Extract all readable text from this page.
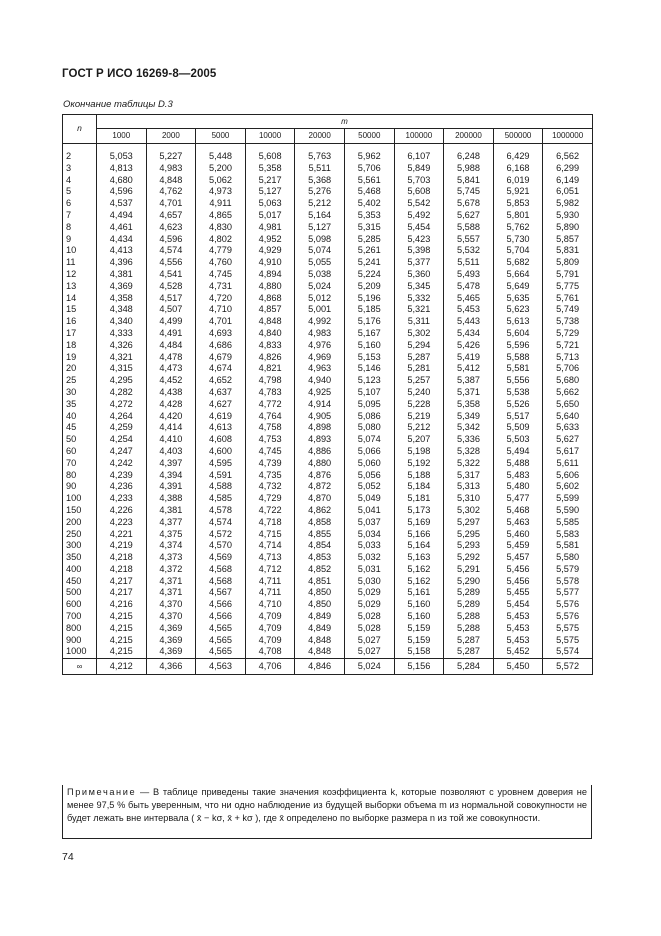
ГОСТ Р ИСО 16269-8—2005
Окончание таблицы D.3
n	m									
	1000	2000	5000	10000	20000	50000	100000	200000	500000	1000000

2	5,053	5,227	5,448	5,608	5,763	5,962	6,107	6,248	6,429	6,562
3	4,813	4,983	5,200	5,358	5,511	5,706	5,849	5,988	6,168	6,299
4	4,680	4,848	5,062	5,217	5,368	5,561	5,703	5,841	6,019	6,149
5	4,596	4,762	4,973	5,127	5,276	5,468	5,608	5,745	5,921	6,051
6	4,537	4,701	4,911	5,063	5,212	5,402	5,542	5,678	5,853	5,982
7	4,494	4,657	4,865	5,017	5,164	5,353	5,492	5,627	5,801	5,930
8	4,461	4,623	4,830	4,981	5,127	5,315	5,454	5,588	5,762	5,890
9	4,434	4,596	4,802	4,952	5,098	5,285	5,423	5,557	5,730	5,857
10	4,413	4,574	4,779	4,929	5,074	5,261	5,398	5,532	5,704	5,831
11	4,396	4,556	4,760	4,910	5,055	5,241	5,377	5,511	5,682	5,809
12	4,381	4,541	4,745	4,894	5,038	5,224	5,360	5,493	5,664	5,791
13	4,369	4,528	4,731	4,880	5,024	5,209	5,345	5,478	5,649	5,775
14	4,358	4,517	4,720	4,868	5,012	5,196	5,332	5,465	5,635	5,761
15	4,348	4,507	4,710	4,857	5,001	5,185	5,321	5,453	5,623	5,749
16	4,340	4,499	4,701	4,848	4,992	5,176	5,311	5,443	5,613	5,738
17	4,333	4,491	4,693	4,840	4,983	5,167	5,302	5,434	5,604	5,729
18	4,326	4,484	4,686	4,833	4,976	5,160	5,294	5,426	5,596	5,721
19	4,321	4,478	4,679	4,826	4,969	5,153	5,287	5,419	5,588	5,713
20	4,315	4,473	4,674	4,821	4,963	5,146	5,281	5,412	5,581	5,706
25	4,295	4,452	4,652	4,798	4,940	5,123	5,257	5,387	5,556	5,680
30	4,282	4,438	4,637	4,783	4,925	5,107	5,240	5,371	5,538	5,662
35	4,272	4,428	4,627	4,772	4,914	5,095	5,228	5,358	5,526	5,650
40	4,264	4,420	4,619	4,764	4,905	5,086	5,219	5,349	5,517	5,640
45	4,259	4,414	4,613	4,758	4,898	5,080	5,212	5,342	5,509	5,633
50	4,254	4,410	4,608	4,753	4,893	5,074	5,207	5,336	5,503	5,627
60	4,247	4,403	4,600	4,745	4,886	5,066	5,198	5,328	5,494	5,617
70	4,242	4,397	4,595	4,739	4,880	5,060	5,192	5,322	5,488	5,611
80	4,239	4,394	4,591	4,735	4,876	5,056	5,188	5,317	5,483	5,606
90	4,236	4,391	4,588	4,732	4,872	5,052	5,184	5,313	5,480	5,602
100	4,233	4,388	4,585	4,729	4,870	5,049	5,181	5,310	5,477	5,599
150	4,226	4,381	4,578	4,722	4,862	5,041	5,173	5,302	5,468	5,590
200	4,223	4,377	4,574	4,718	4,858	5,037	5,169	5,297	5,463	5,585
250	4,221	4,375	4,572	4,715	4,855	5,034	5,166	5,295	5,460	5,583
300	4,219	4,374	4,570	4,714	4,854	5,033	5,164	5,293	5,459	5,581
350	4,218	4,373	4,569	4,713	4,853	5,032	5,163	5,292	5,457	5,580
400	4,218	4,372	4,568	4,712	4,852	5,031	5,162	5,291	5,456	5,579
450	4,217	4,371	4,568	4,711	4,851	5,030	5,162	5,290	5,456	5,578
500	4,217	4,371	4,567	4,711	4,850	5,029	5,161	5,289	5,455	5,577
600	4,216	4,370	4,566	4,710	4,850	5,029	5,160	5,289	5,454	5,576
700	4,215	4,370	4,566	4,709	4,849	5,028	5,160	5,288	5,453	5,576
800	4,215	4,369	4,565	4,709	4,849	5,028	5,159	5,288	5,453	5,575
900	4,215	4,369	4,565	4,709	4,848	5,027	5,159	5,287	5,453	5,575
1000	4,215	4,369	4,565	4,708	4,848	5,027	5,158	5,287	5,452	5,574
∞	4,212	4,366	4,563	4,706	4,846	5,024	5,156	5,284	5,450	5,572
Примечание — В таблице приведены такие значения коэффициента k, которые позволяют с уровнем доверия не менее 97,5 % быть уверенным, что ни одно наблюдение из будущей выборки объема m из нормальной совокупности не будет лежать вне интервала ( x̄ − kσ, x̄ + kσ ), где x̄ определено по выборке размера n из той же совокупности.
74
